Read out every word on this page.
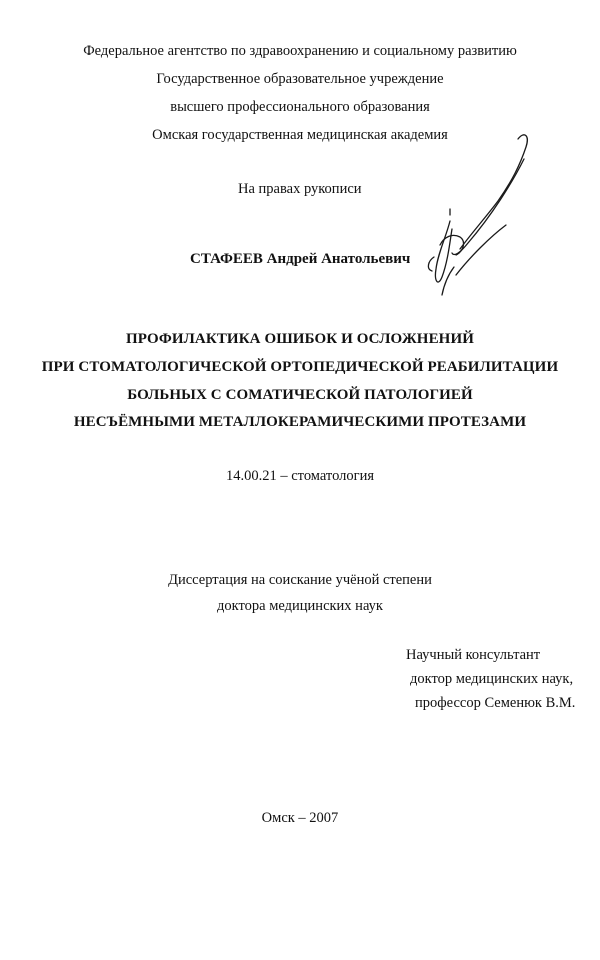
Федеральное агентство по здравоохранению и социальному развитию
Государственное образовательное учреждение
высшего профессионального образования
Омская государственная медицинская академия
На правах рукописи
СТАФЕЕВ Андрей Анатольевич
ПРОФИЛАКТИКА ОШИБОК И ОСЛОЖНЕНИЙ
ПРИ СТОМАТОЛОГИЧЕСКОЙ ОРТОПЕДИЧЕСКОЙ РЕАБИЛИТАЦИИ
БОЛЬНЫХ С СОМАТИЧЕСКОЙ ПАТОЛОГИЕЙ
НЕСЪЁМНЫМИ МЕТАЛЛОКЕРАМИЧЕСКИМИ ПРОТЕЗАМИ
14.00.21 – стоматология
Диссертация на соискание учёной степени
доктора медицинских наук
Научный консультант
доктор медицинских наук,
профессор Семенюк В.М.
Омск – 2007
